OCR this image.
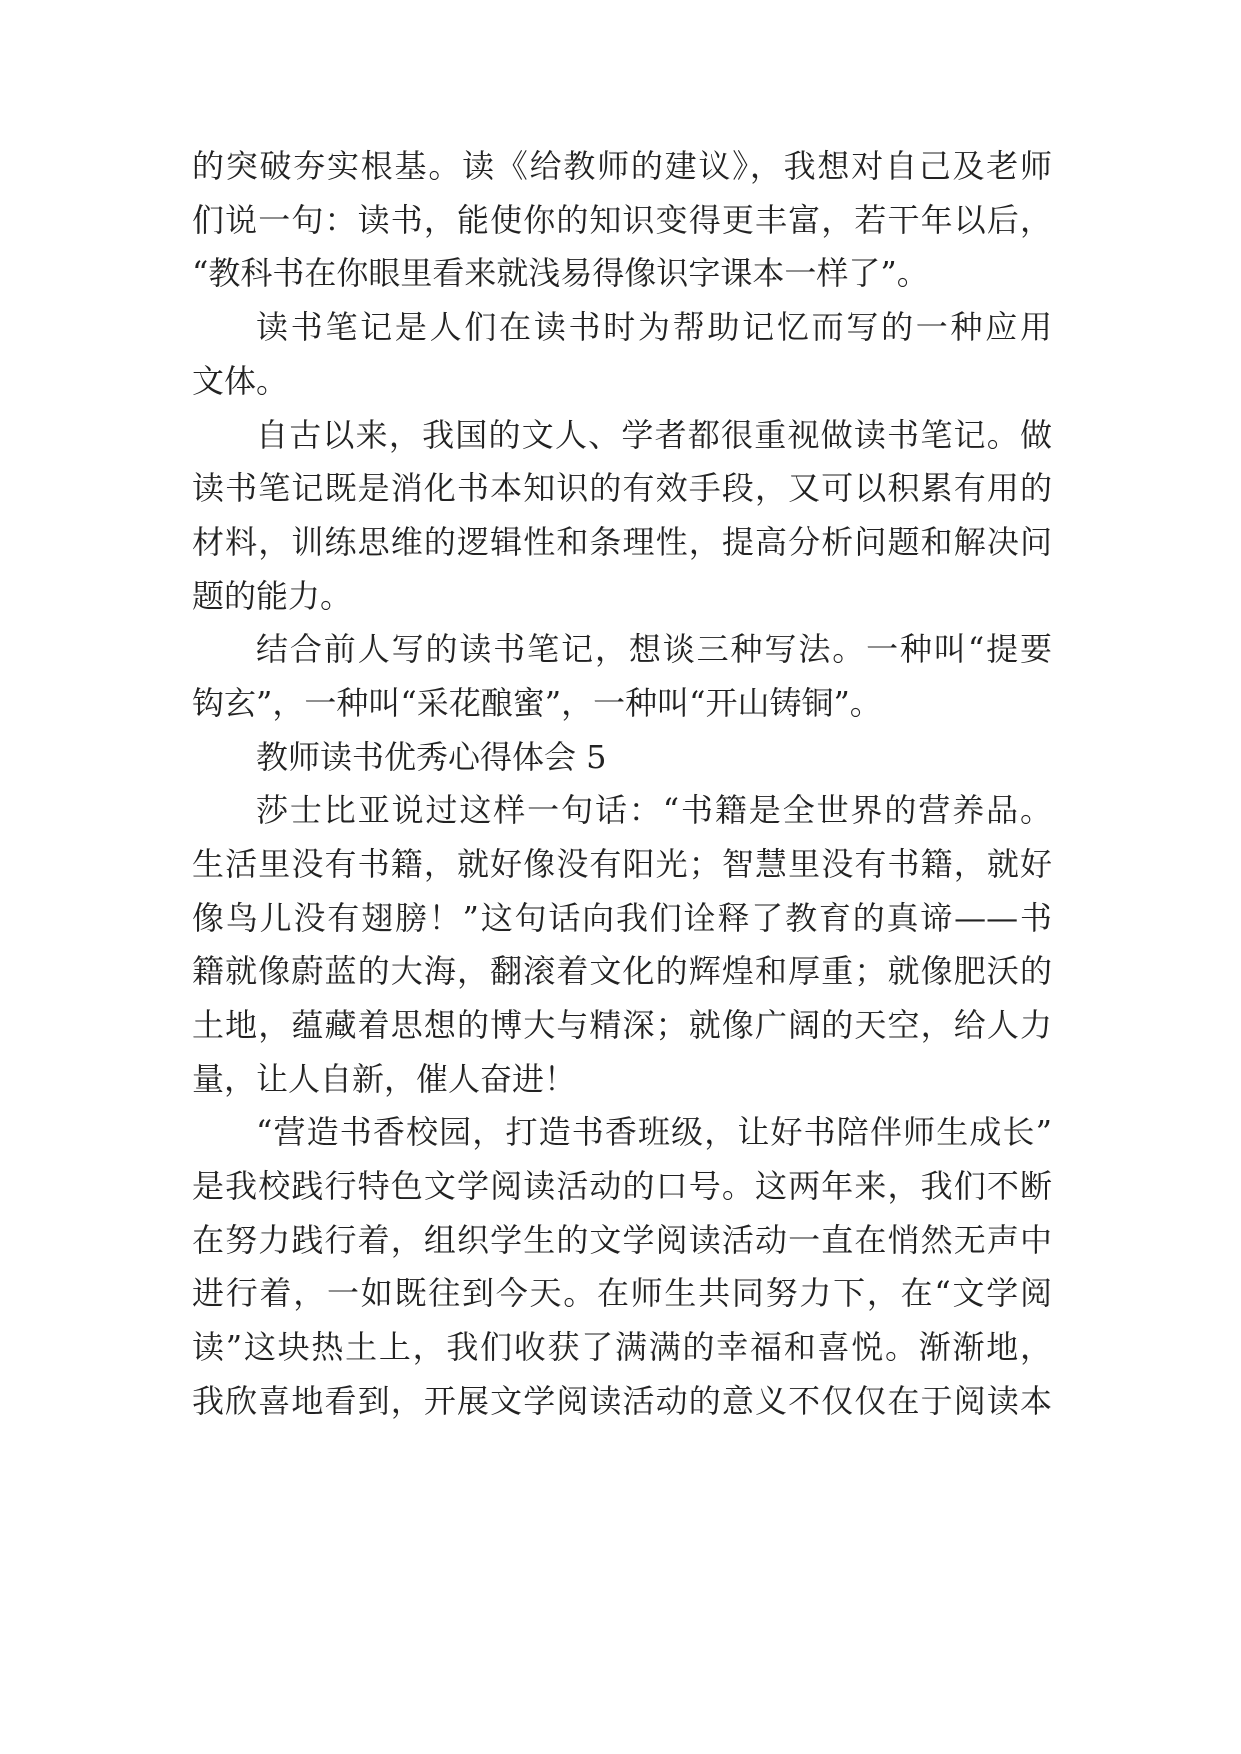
的突破夯实根基。读《给教师的建议》，我想对自己及老师
们说一句：读书，能使你的知识变得更丰富，若干年以后，
“教科书在你眼里看来就浅易得像识字课本一样了”。
读书笔记是人们在读书时为帮助记忆而写的一种应用
文体。
自古以来，我国的文人、学者都很重视做读书笔记。做
读书笔记既是消化书本知识的有效手段，又可以积累有用的
材料，训练思维的逻辑性和条理性，提高分析问题和解决问
题的能力。
结合前人写的读书笔记，想谈三种写法。一种叫“提要
钩玄”，一种叫“采花酿蜜”，一种叫“开山铸铜”。
教师读书优秀心得体会 5
莎士比亚说过这样一句话：“书籍是全世界的营养品。
生活里没有书籍，就好像没有阳光；智慧里没有书籍，就好
像鸟儿没有翅膀！”这句话向我们诠释了教育的真谛——书
籍就像蔚蓝的大海，翻滚着文化的辉煌和厚重；就像肥沃的
土地，蕴藏着思想的博大与精深；就像广阔的天空，给人力
量，让人自新，催人奋进！
“营造书香校园，打造书香班级，让好书陪伴师生成长”
是我校践行特色文学阅读活动的口号。这两年来，我们不断
在努力践行着，组织学生的文学阅读活动一直在悄然无声中
进行着，一如既往到今天。在师生共同努力下，在“文学阅
读”这块热土上，我们收获了满满的幸福和喜悦。渐渐地，
我欣喜地看到，开展文学阅读活动的意义不仅仅在于阅读本
